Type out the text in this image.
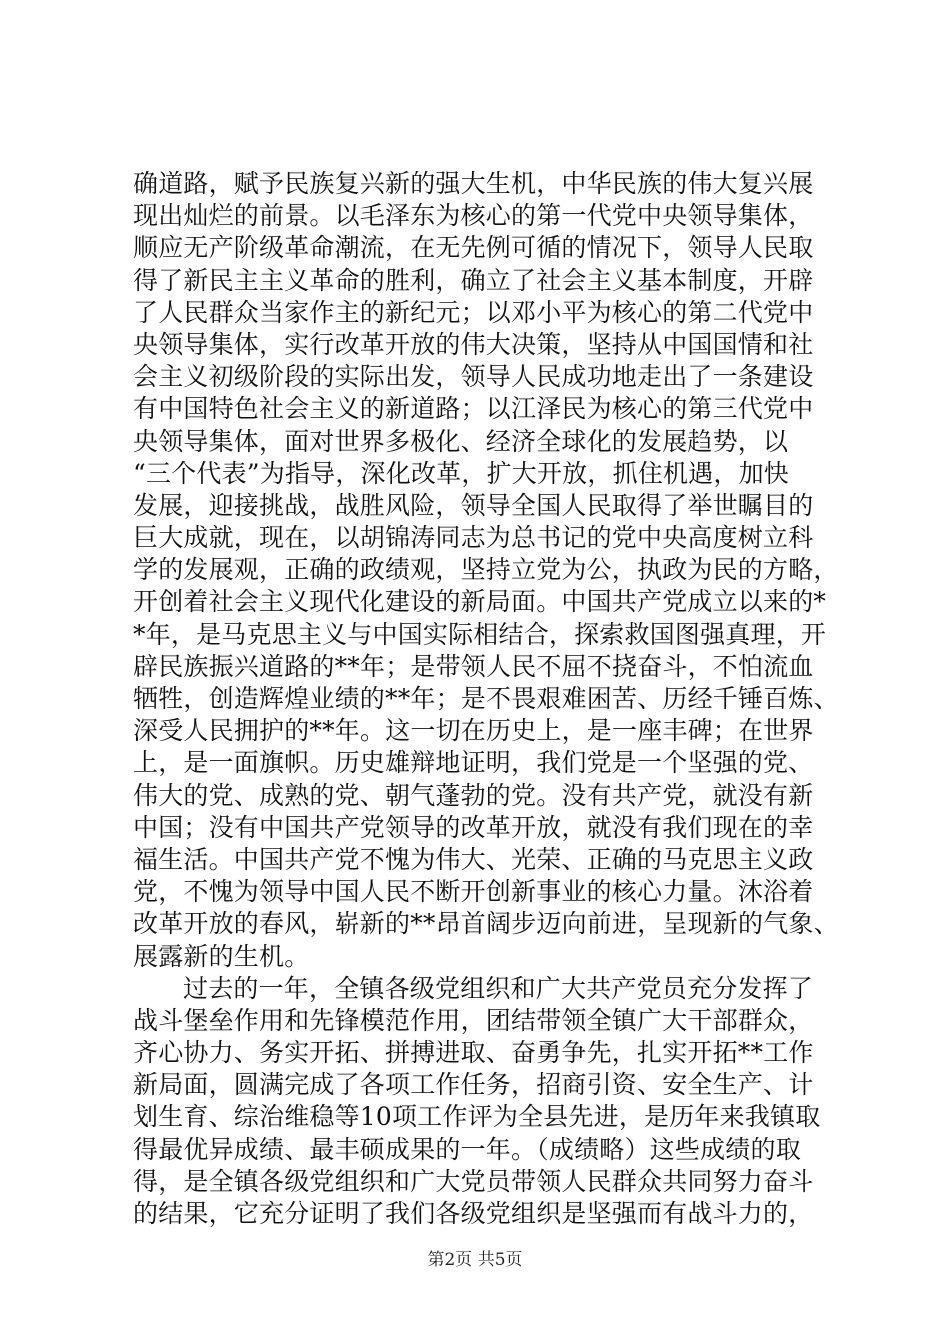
确道路，赋予民族复兴新的强大生机，中华民族的伟大复兴展
现出灿烂的前景。以毛泽东为核心的第一代党中央领导集体，
顺应无产阶级革命潮流，在无先例可循的情况下，领导人民取
得了新民主主义革命的胜利，确立了社会主义基本制度，开辟
了人民群众当家作主的新纪元；以邓小平为核心的第二代党中
央领导集体，实行改革开放的伟大决策，坚持从中国国情和社
会主义初级阶段的实际出发，领导人民成功地走出了一条建设
有中国特色社会主义的新道路；以江泽民为核心的第三代党中
央领导集体，面对世界多极化、经济全球化的发展趋势，以
“三个代表”为指导，深化改革，扩大开放，抓住机遇，加快
发展，迎接挑战，战胜风险，领导全国人民取得了举世瞩目的
巨大成就，现在，以胡锦涛同志为总书记的党中央高度树立科
学的发展观，正确的政绩观，坚持立党为公，执政为民的方略，
开创着社会主义现代化建设的新局面。中国共产党成立以来的*
*年，是马克思主义与中国实际相结合，探索救国图强真理，开
辟民族振兴道路的**年；是带领人民不屈不挠奋斗，不怕流血
牺牲，创造辉煌业绩的**年；是不畏艰难困苦、历经千锤百炼、
深受人民拥护的**年。这一切在历史上，是一座丰碑；在世界
上，是一面旗帜。历史雄辩地证明，我们党是一个坚强的党、
伟大的党、成熟的党、朝气蓬勃的党。没有共产党，就没有新
中国；没有中国共产党领导的改革开放，就没有我们现在的幸
福生活。中国共产党不愧为伟大、光荣、正确的马克思主义政
党，不愧为领导中国人民不断开创新事业的核心力量。沐浴着
改革开放的春风，崭新的**昂首阔步迈向前进，呈现新的气象、
展露新的生机。
过去的一年，全镇各级党组织和广大共产党员充分发挥了
战斗堡垒作用和先锋模范作用，团结带领全镇广大干部群众，
齐心协力、务实开拓、拼搏进取、奋勇争先，扎实开拓**工作
新局面，圆满完成了各项工作任务，招商引资、安全生产、计
划生育、综治维稳等10项工作评为全县先进，是历年来我镇取
得最优异成绩、最丰硕成果的一年。（成绩略）这些成绩的取
得，是全镇各级党组织和广大党员带领人民群众共同努力奋斗
的结果，它充分证明了我们各级党组织是坚强而有战斗力的，
第2页 共5页
